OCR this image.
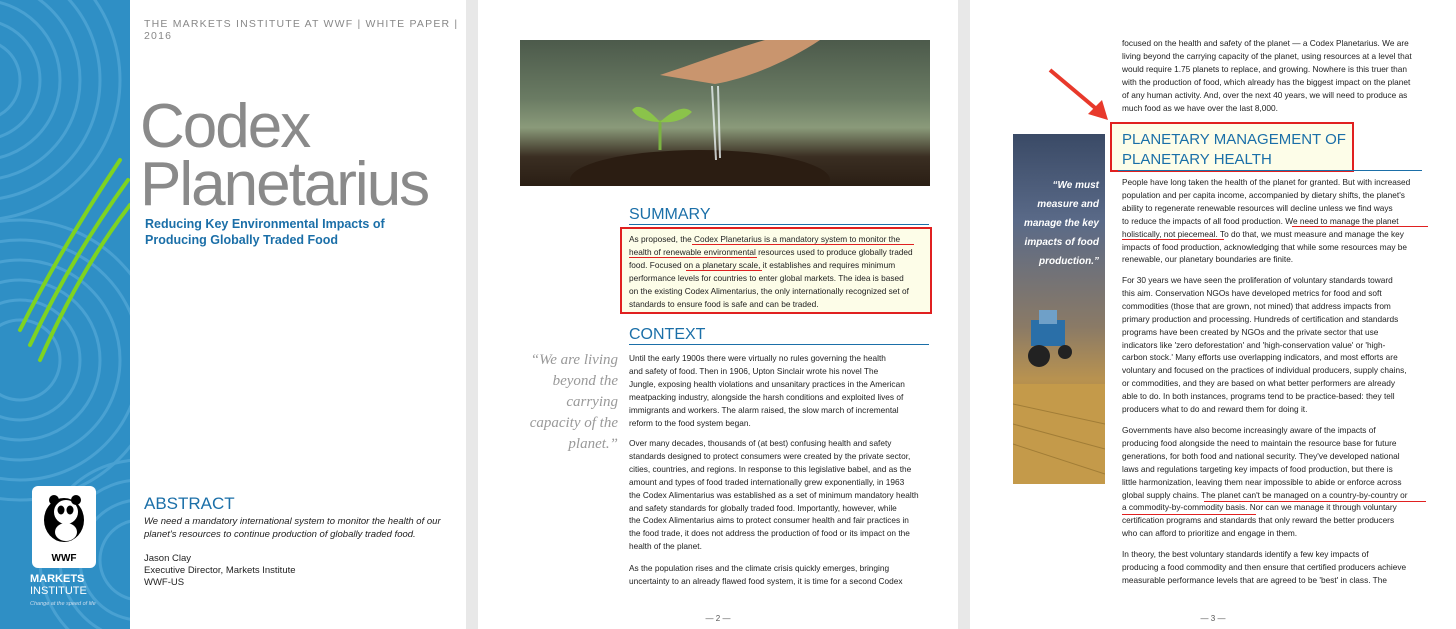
THE MARKETS INSTITUTE AT WWF | WHITE PAPER | 2016
Codex
Planetarius
Reducing Key Environmental Impacts of Producing Globally Traded Food
WWF
MARKETS
INSTITUTE
Change at the speed of life
ABSTRACT
We need a mandatory international system to monitor the health of our planet's resources to continue production of globally traded food.
Jason Clay
Executive Director, Markets Institute
WWF-US
SUMMARY
As proposed, the Codex Planetarius is a mandatory system to monitor the
health of renewable environmental resources used to produce globally traded
food. Focused on a planetary scale, it establishes and requires minimum
performance levels for countries to enter global markets. The idea is based
on the existing Codex Alimentarius, the only internationally recognized set of
standards to ensure food is safe and can be traded.
CONTEXT
“We are living beyond the carrying capacity of the planet.”
Until the early 1900s there were virtually no rules governing the health
and safety of food. Then in 1906, Upton Sinclair wrote his novel The
Jungle, exposing health violations and unsanitary practices in the American
meatpacking industry, alongside the harsh conditions and exploited lives of
immigrants and workers. The alarm raised, the slow march of incremental
reform to the food system began.
Over many decades, thousands of (at best) confusing health and safety
standards designed to protect consumers were created by the private sector,
cities, countries, and regions. In response to this legislative babel, and as the
amount and types of food traded internationally grew exponentially, in 1963
the Codex Alimentarius was established as a set of minimum mandatory health
and safety standards for globally traded food. Importantly, however, while
the Codex Alimentarius aims to protect consumer health and fair practices in
the food trade, it does not address the production of food or its impact on the
health of the planet.
As the population rises and the climate crisis quickly emerges, bringing
uncertainty to an already flawed food system, it is time for a second Codex
— 2 —
focused on the health and safety of the planet — a Codex Planetarius. We are
living beyond the carrying capacity of the planet, using resources at a level that
would require 1.75 planets to replace, and growing. Nowhere is this truer than
with the production of food, which already has the biggest impact on the planet
of any human activity. And, over the next 40 years, we will need to produce as
much food as we have over the last 8,000.
PLANETARY MANAGEMENT OF
PLANETARY HEALTH
“We must measure and manage the key impacts of food production.”
People have long taken the health of the planet for granted. But with increased
population and per capita income, accompanied by dietary shifts, the planet's
ability to regenerate renewable resources will decline unless we find ways
to reduce the impacts of all food production. We need to manage the planet
holistically, not piecemeal. To do that, we must measure and manage the key
impacts of food production, acknowledging that while some resources may be
renewable, our planetary boundaries are finite.
For 30 years we have seen the proliferation of voluntary standards toward
this aim. Conservation NGOs have developed metrics for food and soft
commodities (those that are grown, not mined) that address impacts from
primary production and processing. Hundreds of certification and standards
programs have been created by NGOs and the private sector that use
indicators like 'zero deforestation' and 'high-conservation value' or 'high-
carbon stock.' Many efforts use overlapping indicators, and most efforts are
voluntary and focused on the practices of individual producers, supply chains,
or commodities, and they are based on what better performers are already
able to do. In both instances, programs tend to be practice-based: they tell
producers what to do and reward them for doing it.
Governments have also become increasingly aware of the impacts of
producing food alongside the need to maintain the resource base for future
generations, for both food and national security. They've developed national
laws and regulations targeting key impacts of food production, but there is
little harmonization, leaving them near impossible to abide or enforce across
global supply chains. The planet can't be managed on a country-by-country or
a commodity-by-commodity basis. Nor can we manage it through voluntary
certification programs and standards that only reward the better producers
who can afford to prioritize and engage in them.
In theory, the best voluntary standards identify a few key impacts of
producing a food commodity and then ensure that certified producers achieve
measurable performance levels that are agreed to be 'best' in class. The
— 3 —
